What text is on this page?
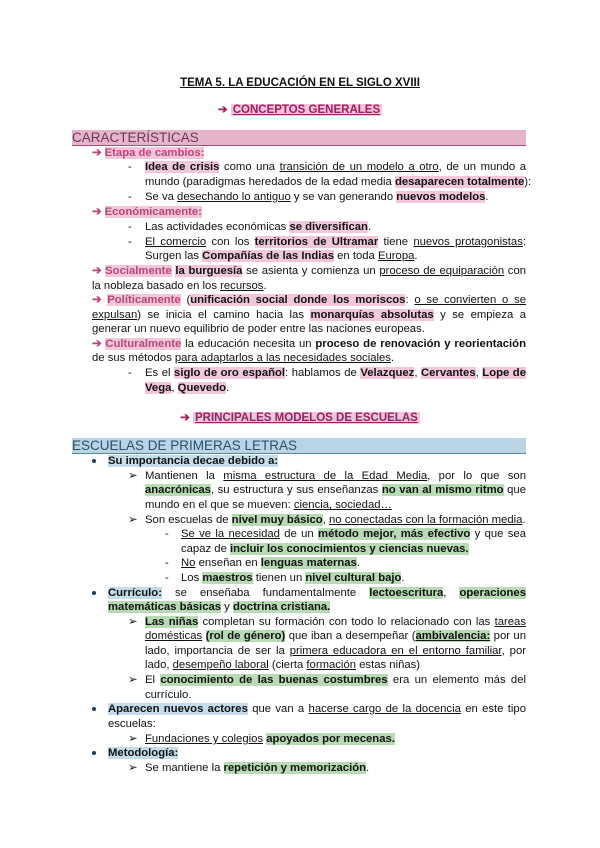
TEMA 5. LA EDUCACIÓN EN EL SIGLO XVIII
➔ CONCEPTOS GENERALES
CARACTERÍSTICAS
➔ Etapa de cambios:
- Idea de crisis como una transición de un modelo a otro, de un mundo a
mundo (paradigmas heredados de la edad media desaparecen totalmente):
- Se va desechando lo antiguo y se van generando nuevos modelos.
➔ Económicamente:
- Las actividades económicas se diversifican.
- El comercio con los territorios de Ultramar tiene nuevos protagonistas:
Surgen las Compañías de las Indias en toda Europa.
➔ Socialmente la burguesía se asienta y comienza un proceso de equiparación con
la nobleza basado en los recursos.
➔ Políticamente (unificación social donde los moriscos: o se convierten o se
expulsan) se inicia el camino hacia las monarquías absolutas y se empieza a
generar un nuevo equilibrio de poder entre las naciones europeas.
➔ Culturalmente la educación necesita un proceso de renovación y reorientación
de sus métodos para adaptarlos a las necesidades sociales.
- Es el siglo de oro español: hablamos de Velazquez, Cervantes, Lope de
Vega, Quevedo.
➔ PRINCIPALES MODELOS DE ESCUELAS
ESCUELAS DE PRIMERAS LETRAS
Su importancia decae debido a:
➢ Mantienen la misma estructura de la Edad Media, por lo que son
anacrónicas, su estructura y sus enseñanzas no van al mismo ritmo que
mundo en el que se mueven: ciencia, sociedad…
➢ Son escuelas de nivel muy básico, no conectadas con la formación media.
- Se ve la necesidad de un método mejor, más efectivo y que sea
capaz de incluir los conocimientos y ciencias nuevas.
- No enseñan en lenguas maternas.
- Los maestros tienen un nivel cultural bajo.
Currículo: se enseñaba fundamentalmente lectoescritura, operaciones
matemáticas básicas y doctrina cristiana.
➢ Las niñas completan su formación con todo lo relacionado con las tareas
domésticas (rol de género) que iban a desempeñar (ambivalencia: por un
lado, importancia de ser la primera educadora en el entorno familiar, por
lado, desempeño laboral (cierta formación estas niñas)
➢ El conocimiento de las buenas costumbres era un elemento más del
currículo.
Aparecen nuevos actores que van a hacerse cargo de la docencia en este tipo
escuelas:
➢ Fundaciones y colegios apoyados por mecenas.
Metodología:
➢ Se mantiene la repetición y memorización.
